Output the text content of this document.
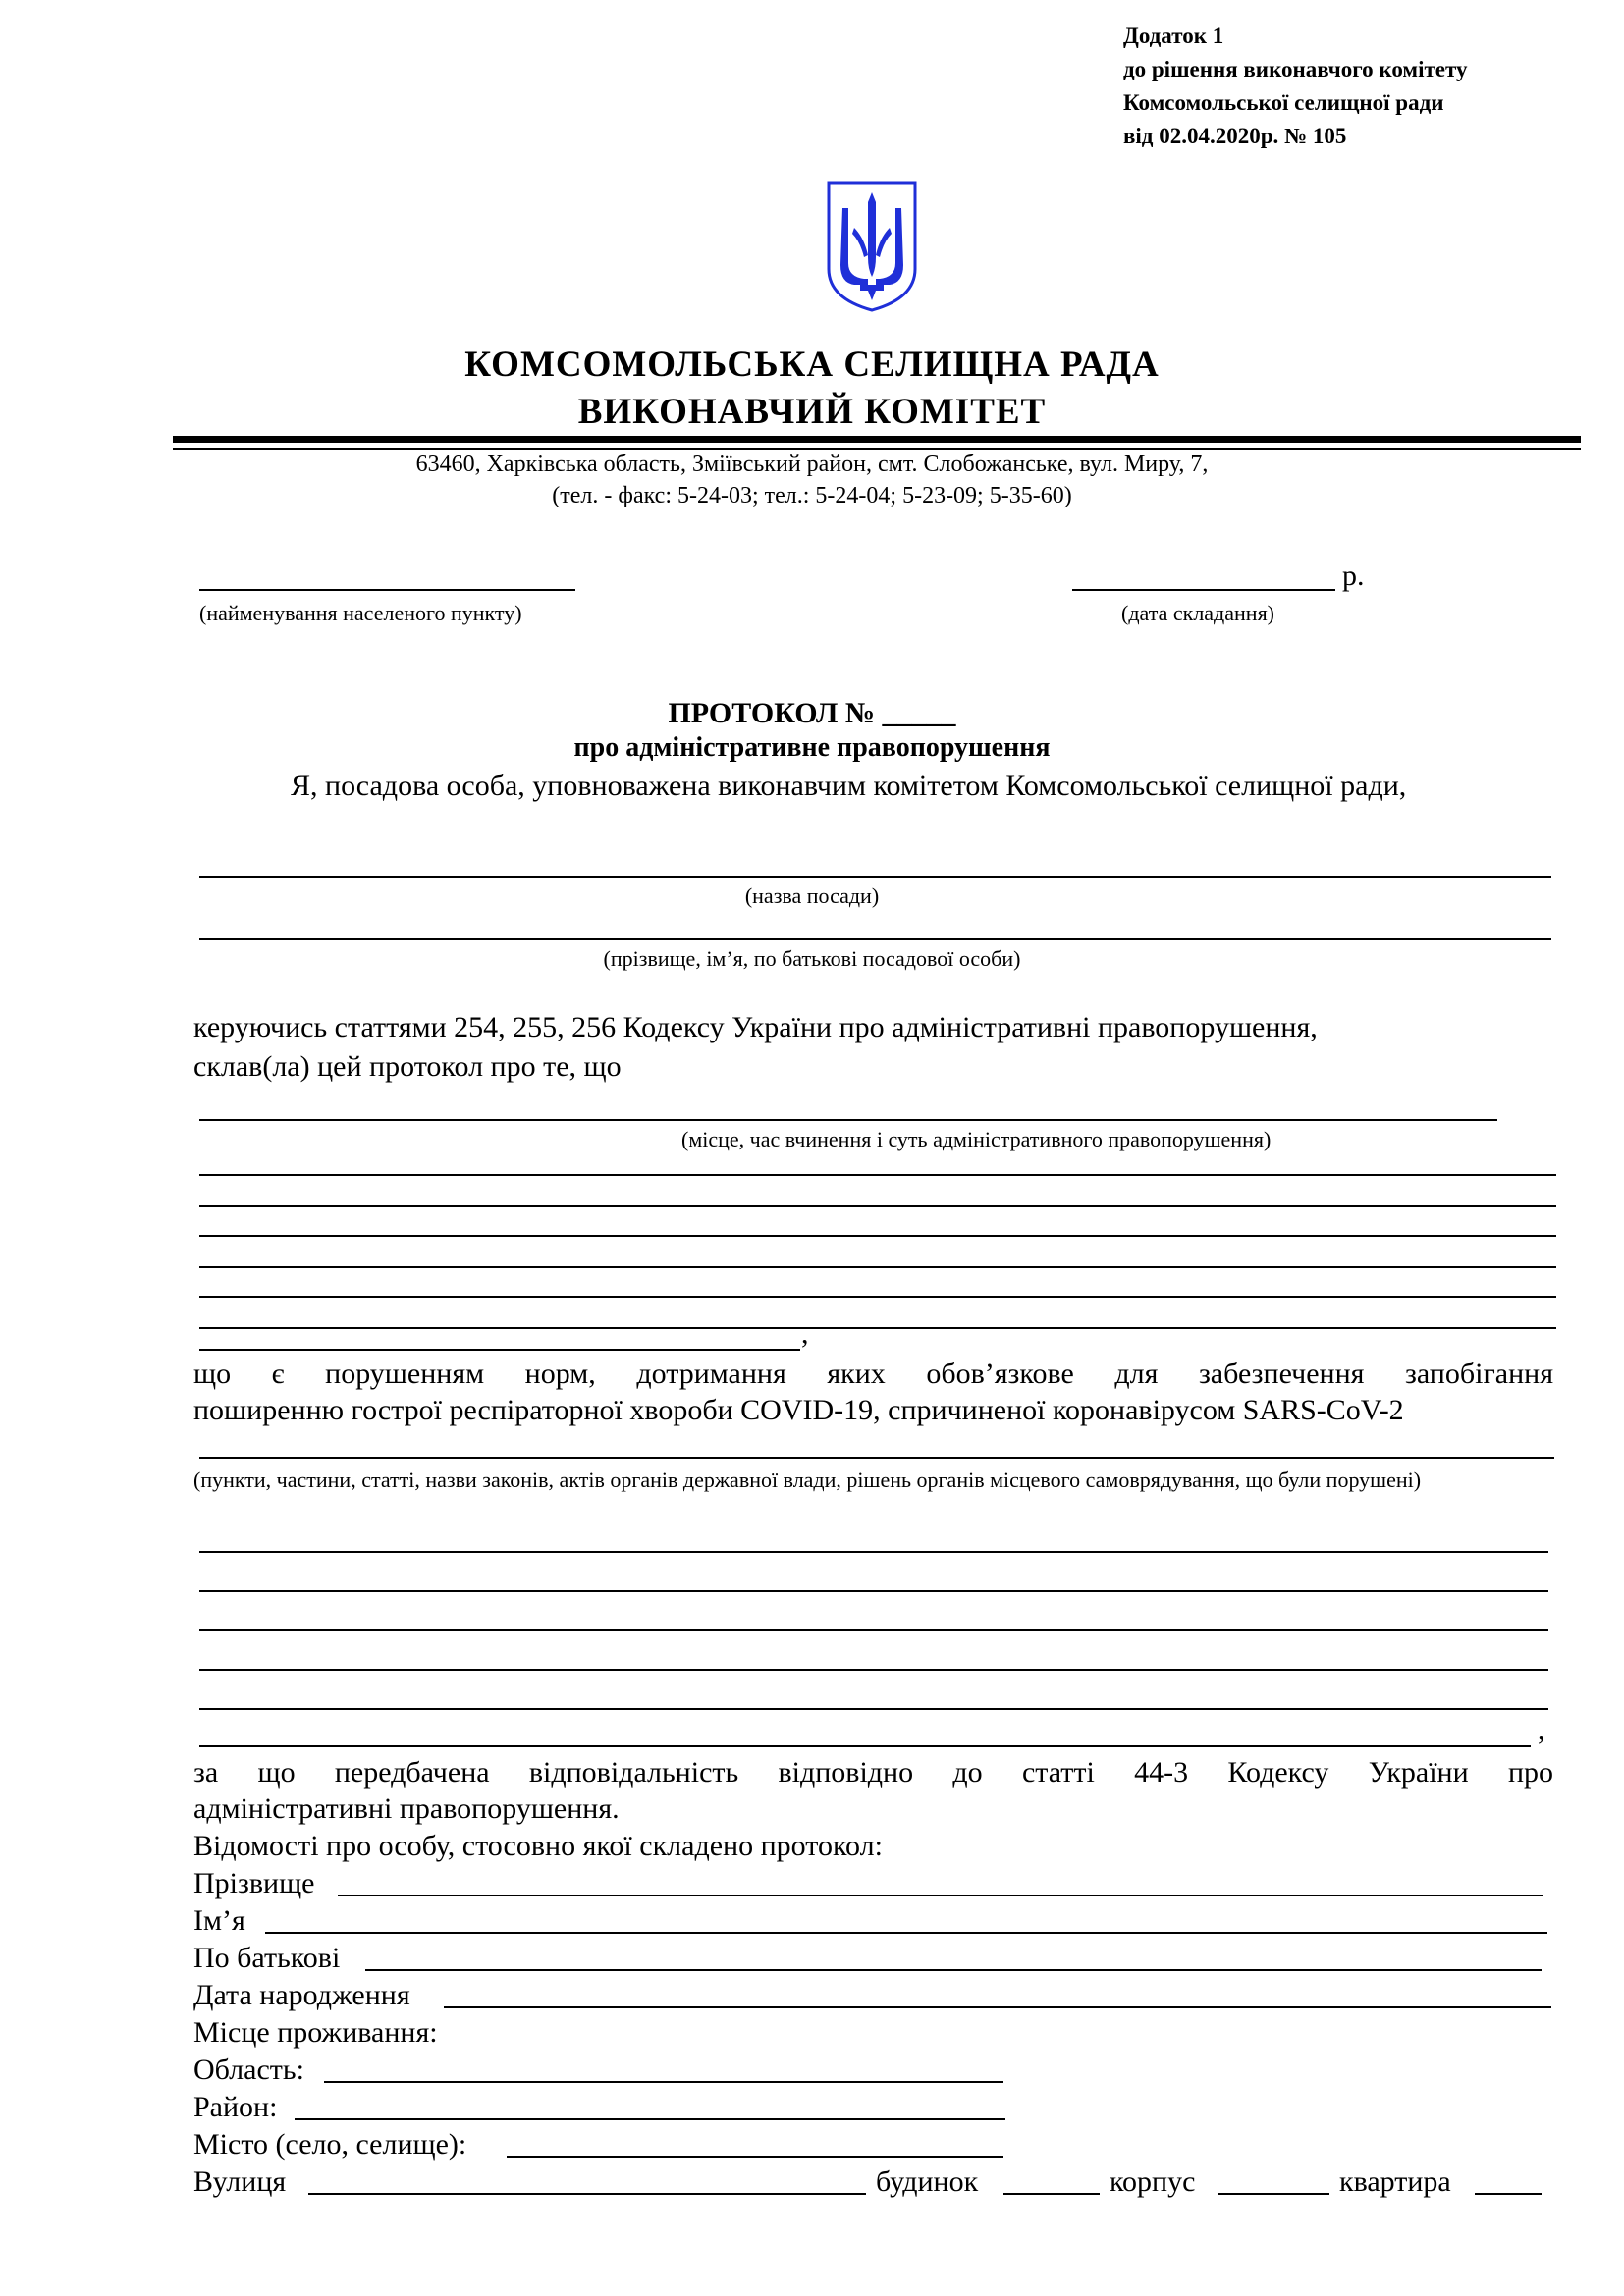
Додаток 1
до рішення виконавчого комітету
Комсомольської селищної ради
від 02.04.2020р. № 105
КОМСОМОЛЬСЬКА СЕЛИЩНА РАДА
ВИКОНАВЧИЙ КОМІТЕТ
63460, Харківська область, Зміївський район, смт. Слобожанське, вул. Миру, 7,
(тел. - факс: 5-24-03; тел.: 5-24-04; 5-23-09; 5-35-60)
(найменування населеного пункту)
р.
(дата складання)
ПРОТОКОЛ № _____
про адміністративне правопорушення
Я, посадова особа, уповноважена виконавчим комітетом Комсомольської селищної ради,
(назва посади)
(прізвище, ім’я, по батькові посадової особи)
керуючись статтями 254, 255, 256 Кодексу України про адміністративні правопорушення,
склав(ла) цей протокол про те, що
(місце, час вчинення і суть адміністративного правопорушення)
,
що є порушенням норм, дотримання яких обов’язкове для забезпечення запобігання
поширенню гострої респіраторної хвороби COVID-19, спричиненої коронавірусом SARS-CoV-2
(пункти, частини, статті, назви законів, актів органів державної влади, рішень органів місцевого самоврядування, що були порушені)
,
за що передбачена відповідальність відповідно до статті 44-3 Кодексу України про
адміністративні правопорушення.
Відомості про особу, стосовно якої складено протокол:
Прізвище
Ім’я
По батькові
Дата народження
Місце проживання:
Область:
Район:
Місто (село, селище):
Вулиця	будинок	корпус	квартира
